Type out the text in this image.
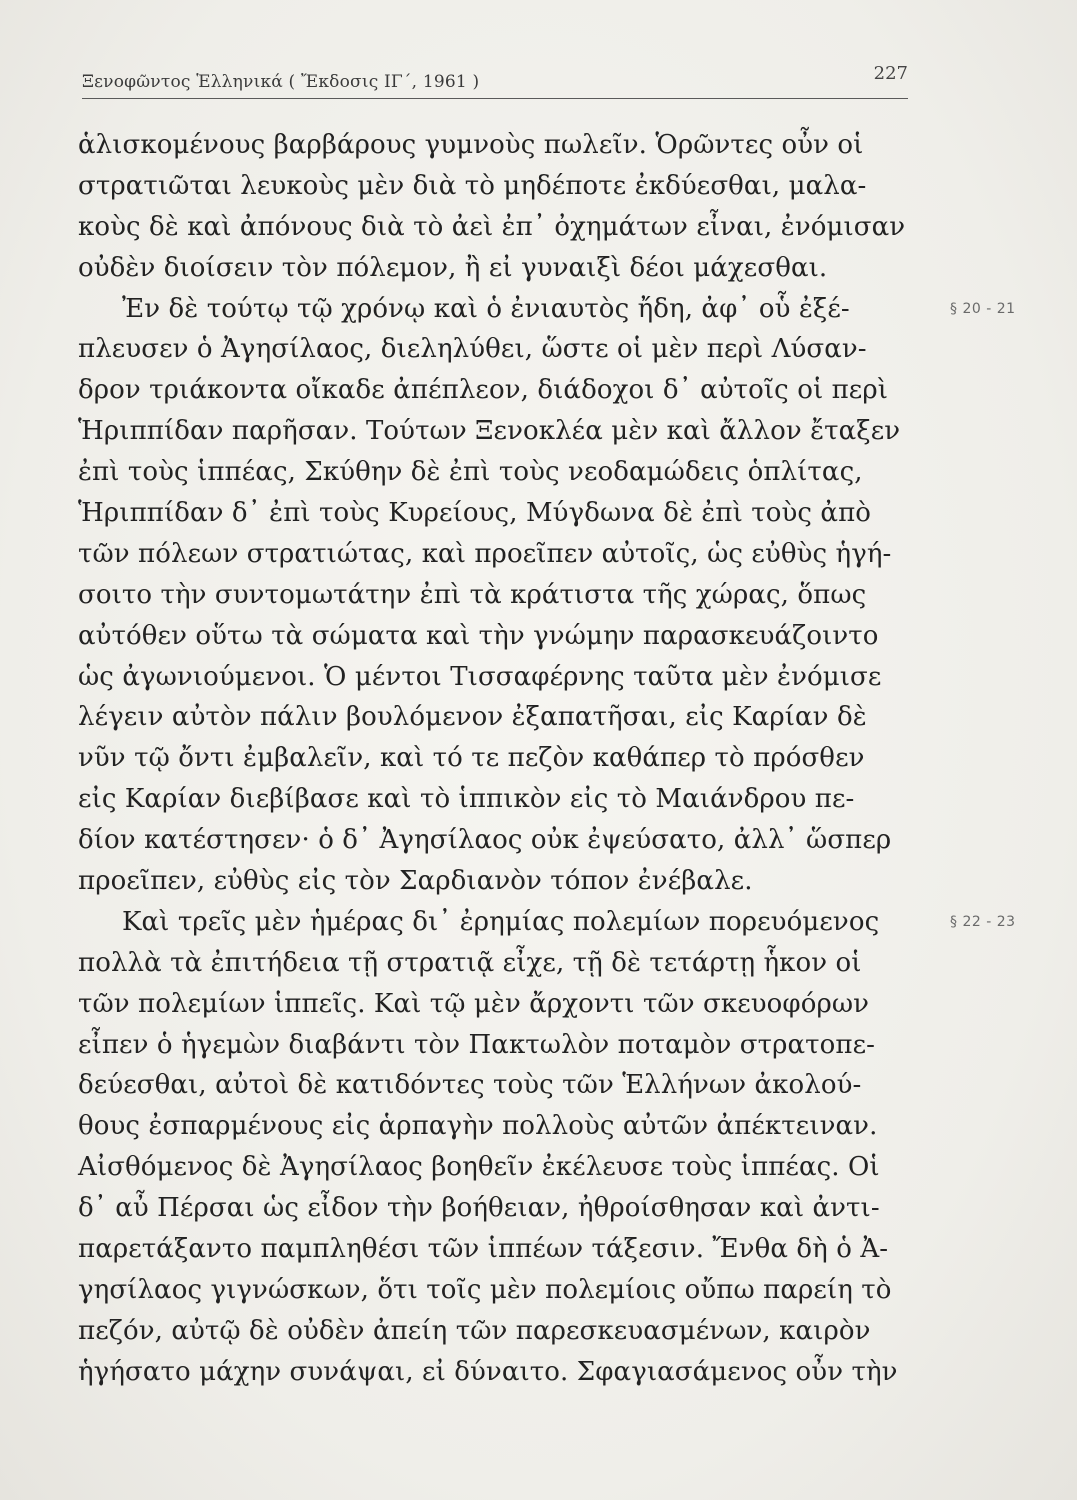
Ξενοφῶντος Ἑλληνικά ( Ἔκδοσις ΙΓ΄, 1961 )	227
ἁλισκομένους βαρβάρους γυμνοὺς πωλεῖν. Ὁρῶντες οὖν οἱ
στρατιῶται λευκοὺς μὲν διὰ τὸ μηδέποτε ἐκδύεσθαι, μαλα-
κοὺς δὲ καὶ ἀπόνους διὰ τὸ ἀεὶ ἐπ᾽ ὀχημάτων εἶναι, ἐνόμισαν
οὐδὲν διοίσειν τὸν πόλεμον, ἢ εἰ γυναιξὶ δέοι μάχεσθαι.
Ἐν δὲ τούτῳ τῷ χρόνῳ καὶ ὁ ἐνιαυτὸς ἤδη, ἀφ᾽ οὗ ἐξέ-	§ 20 - 21
πλευσεν ὁ Ἀγησίλαος, διεληλύθει, ὥστε οἱ μὲν περὶ Λύσαν-
δρον τριάκοντα οἴκαδε ἀπέπλεον, διάδοχοι δ᾽ αὐτοῖς οἱ περὶ
Ἡριππίδαν παρῆσαν. Τούτων Ξενοκλέα μὲν καὶ ἄλλον ἔταξεν
ἐπὶ τοὺς ἱππέας, Σκύθην δὲ ἐπὶ τοὺς νεοδαμώδεις ὁπλίτας,
Ἡριππίδαν δ᾽ ἐπὶ τοὺς Κυρείους, Μύγδωνα δὲ ἐπὶ τοὺς ἀπὸ
τῶν πόλεων στρατιώτας, καὶ προεῖπεν αὐτοῖς, ὡς εὐθὺς ἡγή-
σοιτο τὴν συντομωτάτην ἐπὶ τὰ κράτιστα τῆς χώρας, ὅπως
αὐτόθεν οὕτω τὰ σώματα καὶ τὴν γνώμην παρασκευάζοιντο
ὡς ἀγωνιούμενοι. Ὁ μέντοι Τισσαφέρνης ταῦτα μὲν ἐνόμισε
λέγειν αὐτὸν πάλιν βουλόμενον ἐξαπατῆσαι, εἰς Καρίαν δὲ
νῦν τῷ ὄντι ἐμβαλεῖν, καὶ τό τε πεζὸν καθάπερ τὸ πρόσθεν
εἰς Καρίαν διεβίβασε καὶ τὸ ἱππικὸν εἰς τὸ Μαιάνδρου πε-
δίον κατέστησεν· ὁ δ᾽ Ἀγησίλαος οὐκ ἐψεύσατο, ἀλλ᾽ ὥσπερ
προεῖπεν, εὐθὺς εἰς τὸν Σαρδιανὸν τόπον ἐνέβαλε.
Καὶ τρεῖς μὲν ἡμέρας δι᾽ ἐρημίας πολεμίων πορευόμενος	§ 22 - 23
πολλὰ τὰ ἐπιτήδεια τῇ στρατιᾷ εἶχε, τῇ δὲ τετάρτῃ ἧκον οἱ
τῶν πολεμίων ἱππεῖς. Καὶ τῷ μὲν ἄρχοντι τῶν σκευοφόρων
εἶπεν ὁ ἡγεμὼν διαβάντι τὸν Πακτωλὸν ποταμὸν στρατοπε-
δεύεσθαι, αὐτοὶ δὲ κατιδόντες τοὺς τῶν Ἑλλήνων ἀκολού-
θους ἐσπαρμένους εἰς ἁρπαγὴν πολλοὺς αὐτῶν ἀπέκτειναν.
Αἰσθόμενος δὲ Ἀγησίλαος βοηθεῖν ἐκέλευσε τοὺς ἱππέας. Οἱ
δ᾽ αὖ Πέρσαι ὡς εἶδον τὴν βοήθειαν, ἠθροίσθησαν καὶ ἀντι-
παρετάξαντο παμπληθέσι τῶν ἱππέων τάξεσιν. Ἔνθα δὴ ὁ Ἀ-
γησίλαος γιγνώσκων, ὅτι τοῖς μὲν πολεμίοις οὔπω παρείη τὸ
πεζόν, αὐτῷ δὲ οὐδὲν ἀπείη τῶν παρεσκευασμένων, καιρὸν
ἡγήσατο μάχην συνάψαι, εἰ δύναιτο. Σφαγιασάμενος οὖν τὴν
